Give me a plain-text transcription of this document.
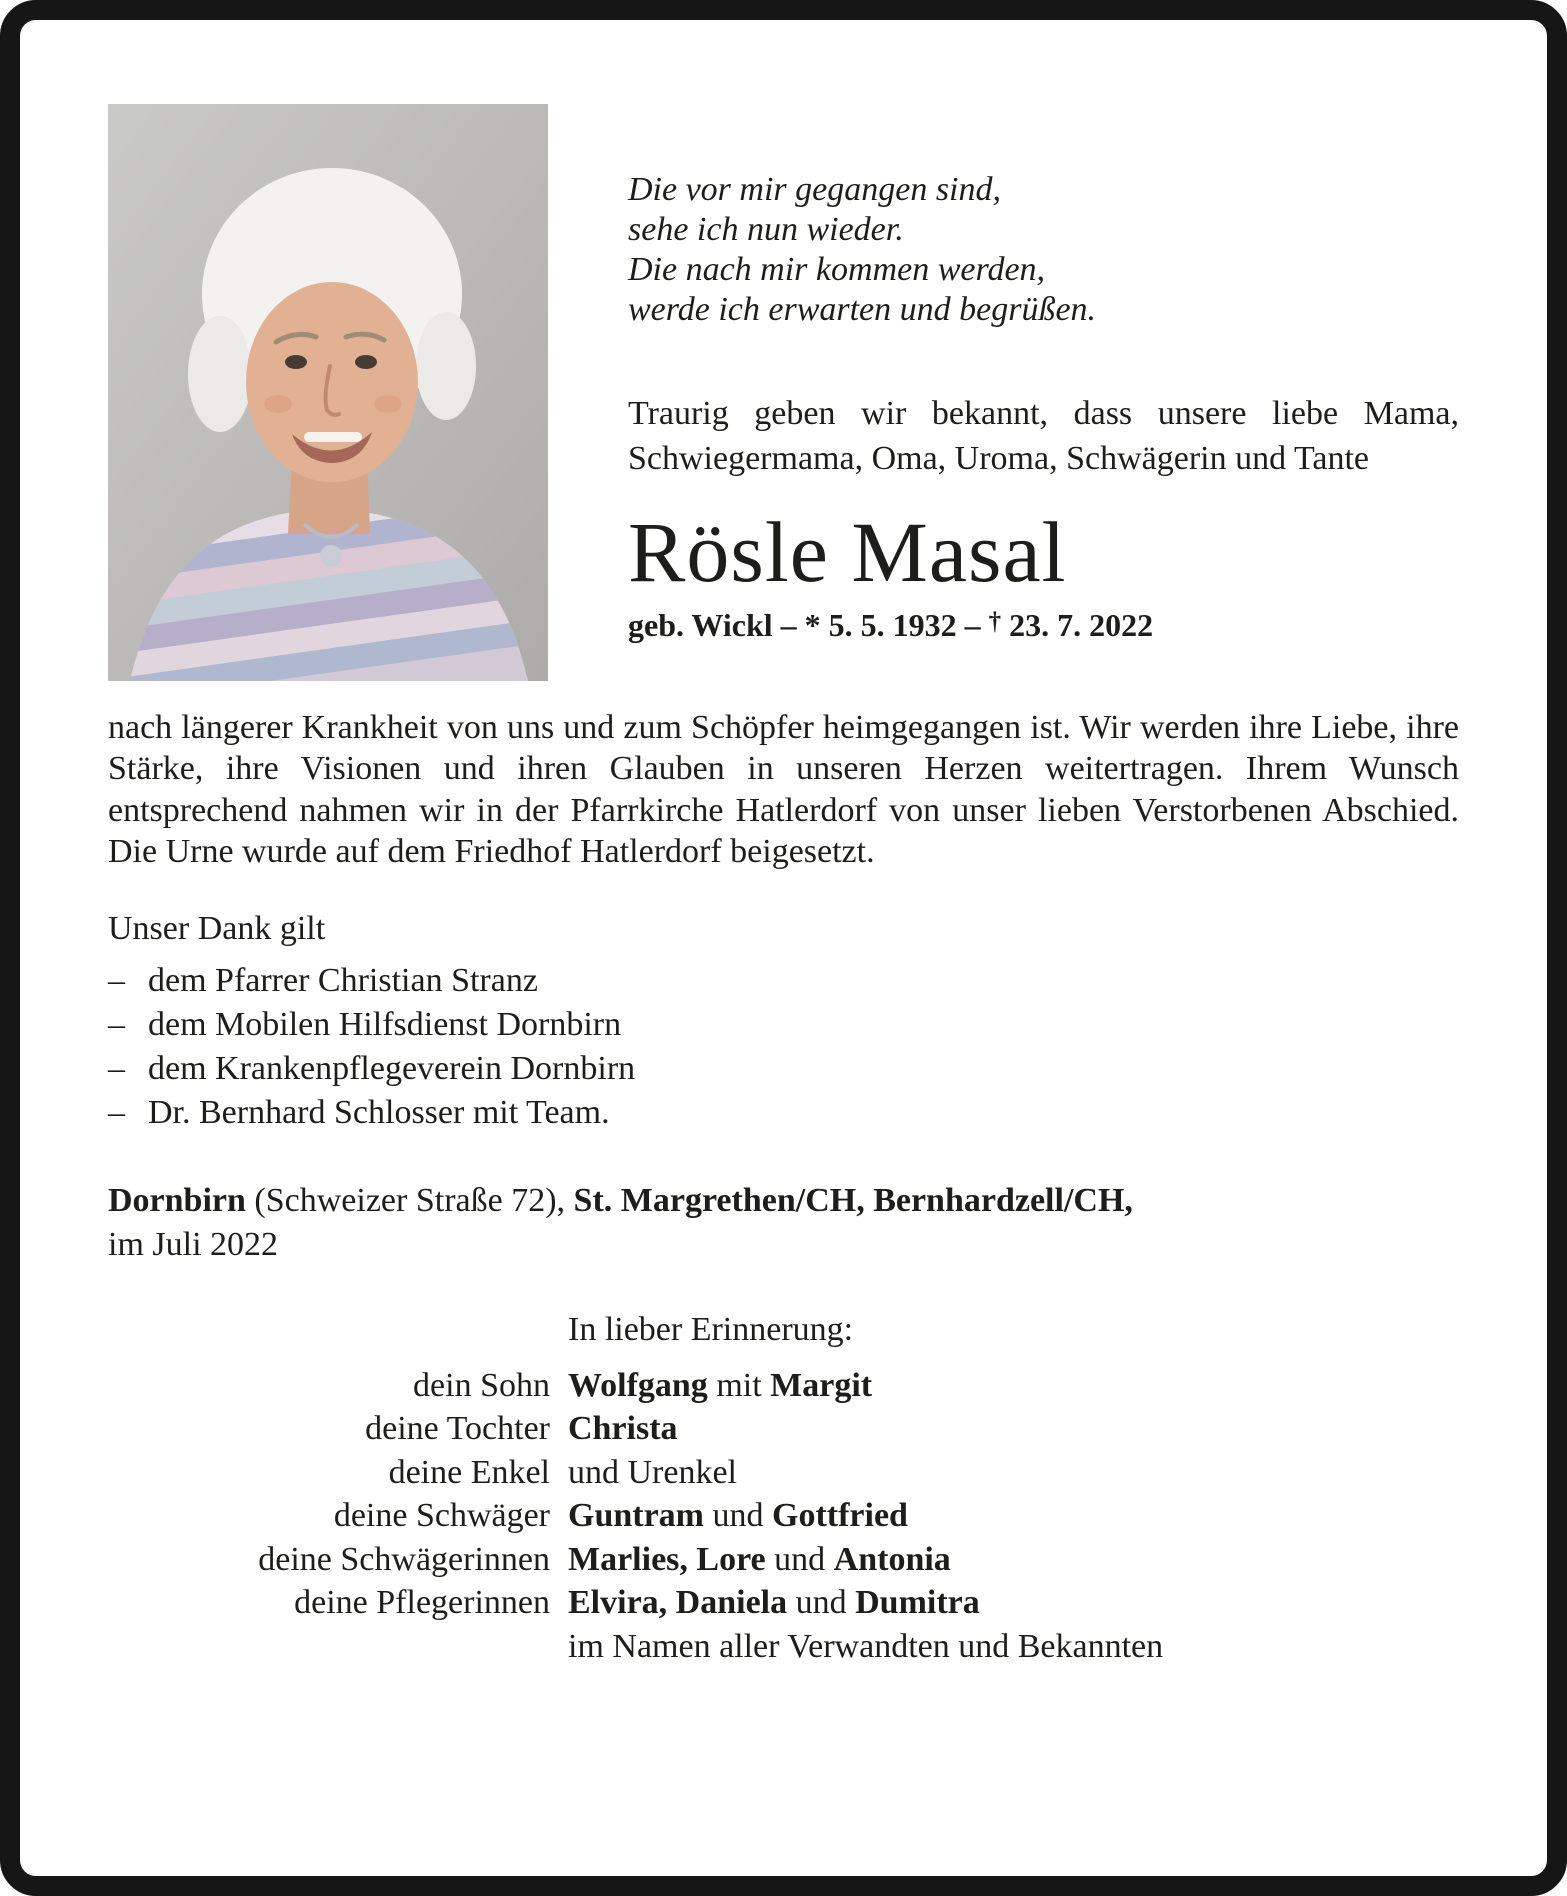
Die vor mir gegangen sind,
sehe ich nun wieder.
Die nach mir kommen werden,
werde ich erwarten und begrüßen.

Traurig geben wir bekannt, dass unsere liebe Mama, Schwiegermama, Oma, Uroma, Schwägerin und Tante

Rösle Masal
geb. Wickl – * 5. 5. 1932 – † 23. 7. 2022

nach längerer Krankheit von uns und zum Schöpfer heimgegangen ist. Wir werden ihre Liebe, ihre Stärke, ihre Visionen und ihren Glauben in unseren Herzen weitertragen. Ihrem Wunsch entsprechend nahmen wir in der Pfarrkirche Hatlerdorf von unser lieben Verstorbenen Abschied. Die Urne wurde auf dem Friedhof Hatlerdorf beigesetzt.

Unser Dank gilt
– dem Pfarrer Christian Stranz
– dem Mobilen Hilfsdienst Dornbirn
– dem Krankenpflegeverein Dornbirn
– Dr. Bernhard Schlosser mit Team.

Dornbirn (Schweizer Straße 72), St. Margrethen/CH, Bernhardzell/CH,
im Juli 2022

In lieber Erinnerung:
dein Sohn Wolfgang mit Margit
deine Tochter Christa
deine Enkel und Urenkel
deine Schwäger Guntram und Gottfried
deine Schwägerinnen Marlies, Lore und Antonia
deine Pflegerinnen Elvira, Daniela und Dumitra
im Namen aller Verwandten und Bekannten
